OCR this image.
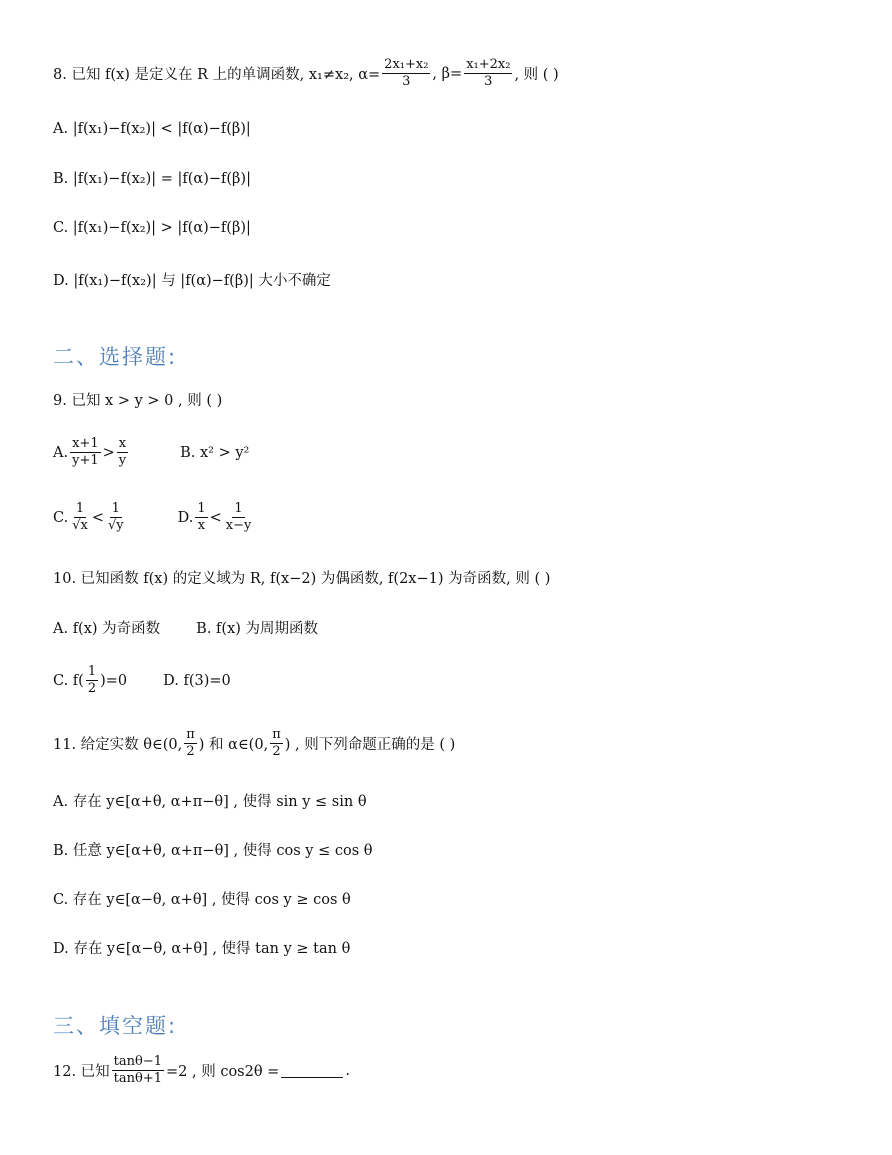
8. 已知 f(x) 是定义在 R 上的单调函数, x₁≠x₂, $\alpha= \frac{\text{2x₁+x₂}}{3}$ , $\beta= \frac{\text{x₁+2x₂}}{3}$ , 则 ( )
A. |f(x₁)−f(x₂)| < |f(α)−f(β)|
B. |f(x₁)−f(x₂)| = |f(α)−f(β)|
C. |f(x₁)−f(x₂)| > |f(α)−f(β)|
D. |f(x₁)−f(x₂)| 与 |f(α)−f(β)| 大小不确定
二、选择题:
9. 已知 x > y > 0 , 则 ( )
A. $\frac{x+1}{y+1} > \frac{x}{y}$	B. x² > y²
C. $\frac{1}{√x} < \frac{1}{√y}$	D. $\frac{1}{x} < \frac{1}{x-y}$
10. 已知函数 f(x) 的定义域为 R, f(x−2) 为偶函数, f(2x−1) 为奇函数, 则 ( )
A. f(x) 为奇函数 B. f(x) 为周期函数
C. $f( \frac{1}{2} )=0$ D. f(3)=0
11. 给定实数 θ∈(0, $\frac{\pi}{2}$ ) 和 α∈(0, $\frac{\pi}{2}$ ) , 则下列命题正确的是 ( )
A. 存在 y∈[α+θ, α+π−θ] , 使得 sin y ≤ sin θ
B. 任意 y∈[α+θ, α+π−θ] , 使得 cos y ≤ cos θ
C. 存在 y∈[α−θ, α+θ] , 使得 cos y ≥ cos θ
D. 存在 y∈[α−θ, α+θ] , 使得 tan y ≥ tan θ
三、填空题:
12. 已知 $\frac{\tan\theta-1}{\tan\theta+1} =2$ , 则 cos2θ =	.
